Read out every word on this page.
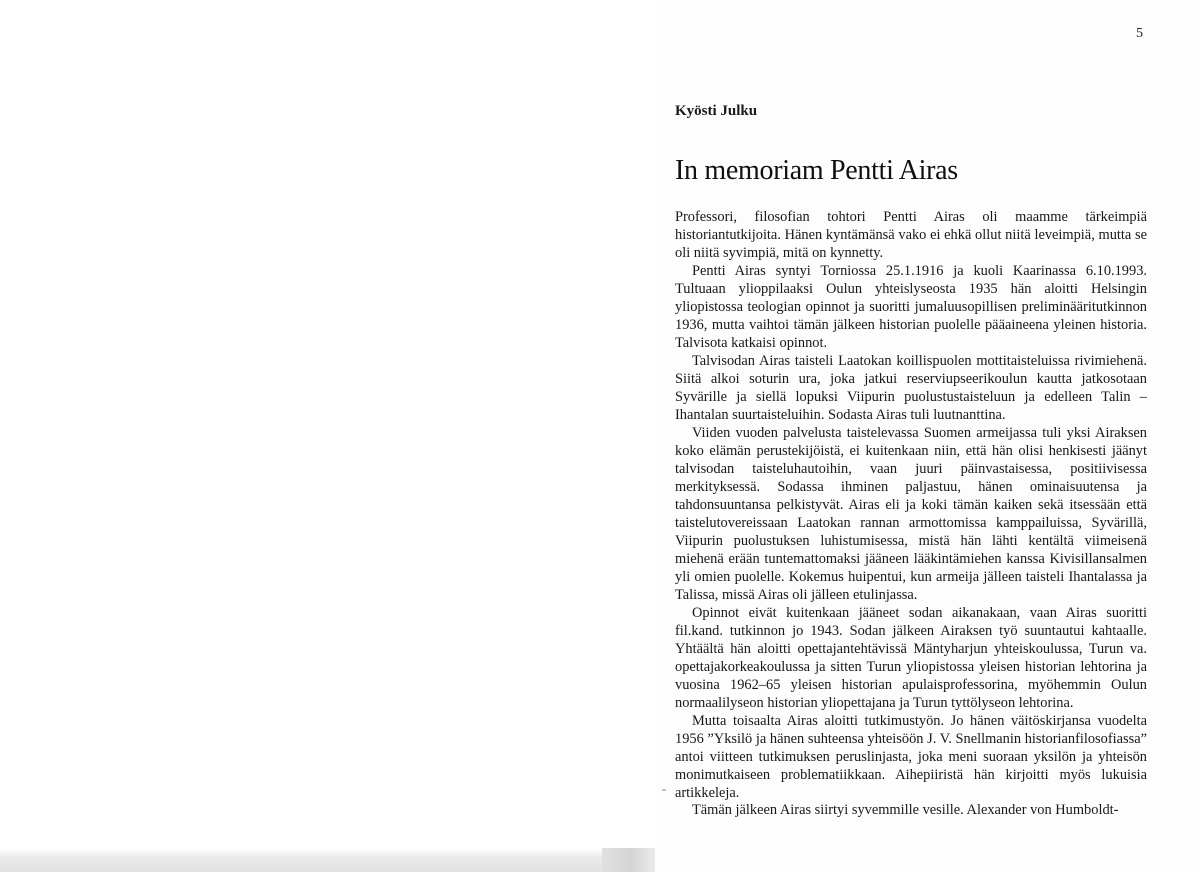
5
Kyösti Julku
In memoriam Pentti Airas

Professori, filosofian tohtori Pentti Airas oli maamme tärkeimpiä historiantutkijoita. Hänen kyntämänsä vako ei ehkä ollut niitä leveimpiä, mutta se oli niitä syvimpiä, mitä on kynnetty.

Pentti Airas syntyi Torniossa 25.1.1916 ja kuoli Kaarinassa 6.10.1993. Tultuaan ylioppilaaksi Oulun yhteislyseosta 1935 hän aloitti Helsingin yliopistossa teologian opinnot ja suoritti jumaluusopillisen preliminääritutkinnon 1936, mutta vaihtoi tämän jälkeen historian puolelle pääaineena yleinen historia. Talvisota katkaisi opinnot.

Talvisodan Airas taisteli Laatokan koillispuolen mottitaisteluissa rivimiehenä. Siitä alkoi soturin ura, joka jatkui reserviupseerikoulun kautta jatkosotaan Syvärille ja siellä lopuksi Viipurin puolustustaisteluun ja edelleen Talin – Ihantalan suurtaisteluihin. Sodasta Airas tuli luutnanttina.

Viiden vuoden palvelusta taistelevassa Suomen armeijassa tuli yksi Airaksen koko elämän perustekijöistä, ei kuitenkaan niin, että hän olisi henkisesti jäänyt talvisodan taisteluhautoihin, vaan juuri päinvastaisessa, positiivisessa merkityksessä. Sodassa ihminen paljastuu, hänen ominaisuutensa ja tahdonsuuntansa pelkistyvät. Airas eli ja koki tämän kaiken sekä itsessään että taistelutovereissaan Laatokan rannan armottomissa kamppailuissa, Syvärillä, Viipurin puolustuksen luhistumisessa, mistä hän lähti kentältä viimeisenä miehenä erään tuntemattomaksi jääneen lääkintämiehen kanssa Kivisillansalmen yli omien puolelle. Kokemus huipentui, kun armeija jälleen taisteli Ihantalassa ja Talissa, missä Airas oli jälleen etulinjassa.

Opinnot eivät kuitenkaan jääneet sodan aikanakaan, vaan Airas suoritti fil.kand. tutkinnon jo 1943. Sodan jälkeen Airaksen työ suuntautui kahtaalle. Yhtäältä hän aloitti opettajantehtävissä Mäntyharjun yhteiskoulussa, Turun va. opettajakorkeakoulussa ja sitten Turun yliopistossa yleisen historian lehtorina ja vuosina 1962–65 yleisen historian apulaisprofessorina, myöhemmin Oulun normaalilyseon historian yliopettajana ja Turun tyttölyseon lehtorina.

Mutta toisaalta Airas aloitti tutkimustyön. Jo hänen väitöskirjansa vuodelta 1956 ”Yksilö ja hänen suhteensa yhteisöön J. V. Snellmanin historianfilosofiassa” antoi viitteen tutkimuksen peruslinjasta, joka meni suoraan yksilön ja yhteisön monimutkaiseen problematiikkaan. Aihepiiristä hän kirjoitti myös lukuisia artikkeleja.

Tämän jälkeen Airas siirtyi syvemmille vesille. Alexander von Humboldt-

-
